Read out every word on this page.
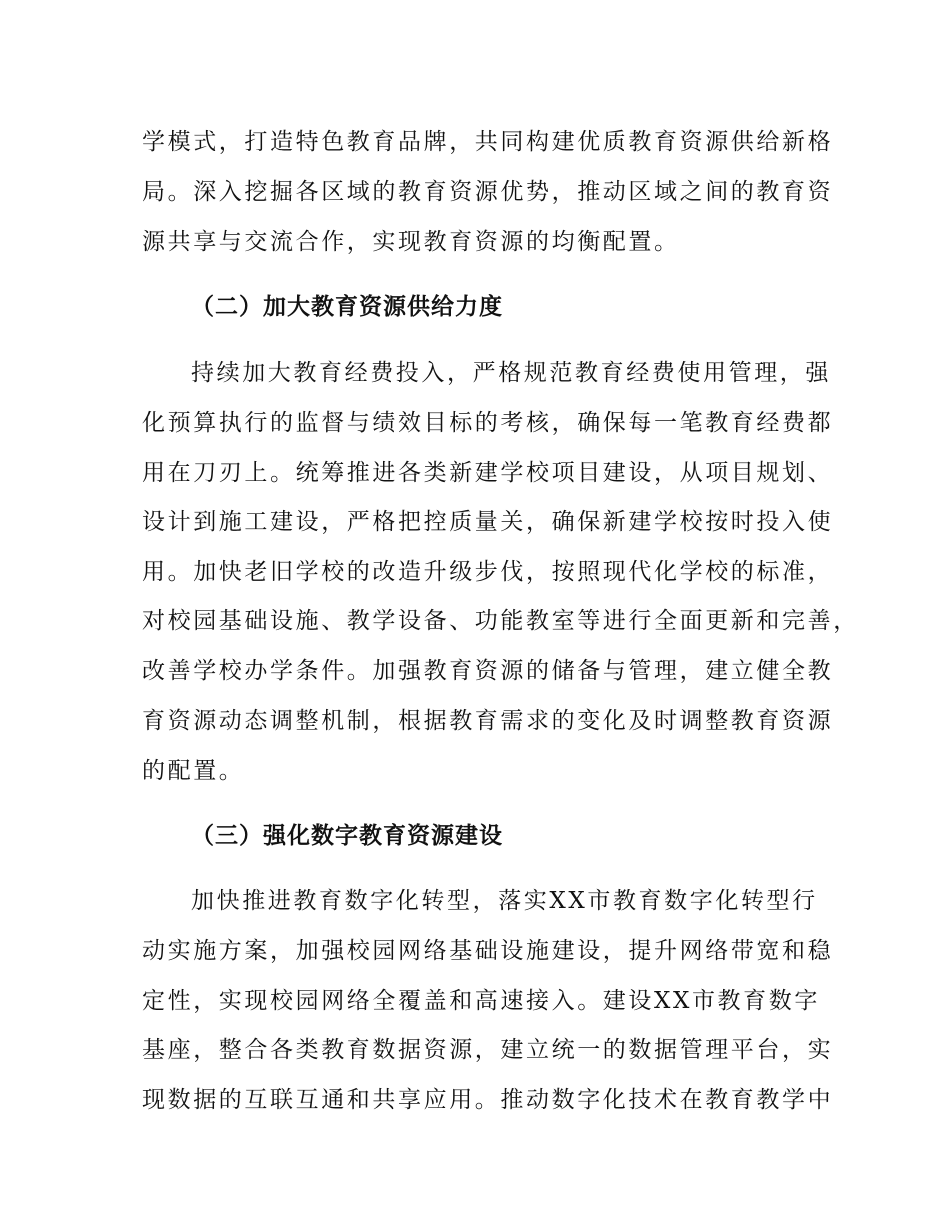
学模式，打造特色教育品牌，共同构建优质教育资源供给新格
局。深入挖掘各区域的教育资源优势，推动区域之间的教育资
源共享与交流合作，实现教育资源的均衡配置。
（二）加大教育资源供给力度
持续加大教育经费投入，严格规范教育经费使用管理，强
化预算执行的监督与绩效目标的考核，确保每一笔教育经费都
用在刀刃上。统筹推进各类新建学校项目建设，从项目规划、
设计到施工建设，严格把控质量关，确保新建学校按时投入使
用。加快老旧学校的改造升级步伐，按照现代化学校的标准，
对校园基础设施、教学设备、功能教室等进行全面更新和完善，
改善学校办学条件。加强教育资源的储备与管理，建立健全教
育资源动态调整机制，根据教育需求的变化及时调整教育资源
的配置。
（三）强化数字教育资源建设
加快推进教育数字化转型，落实XX市教育数字化转型行
动实施方案，加强校园网络基础设施建设，提升网络带宽和稳
定性，实现校园网络全覆盖和高速接入。建设XX市教育数字
基座，整合各类教育数据资源，建立统一的数据管理平台，实
现数据的互联互通和共享应用。推动数字化技术在教育教学中
